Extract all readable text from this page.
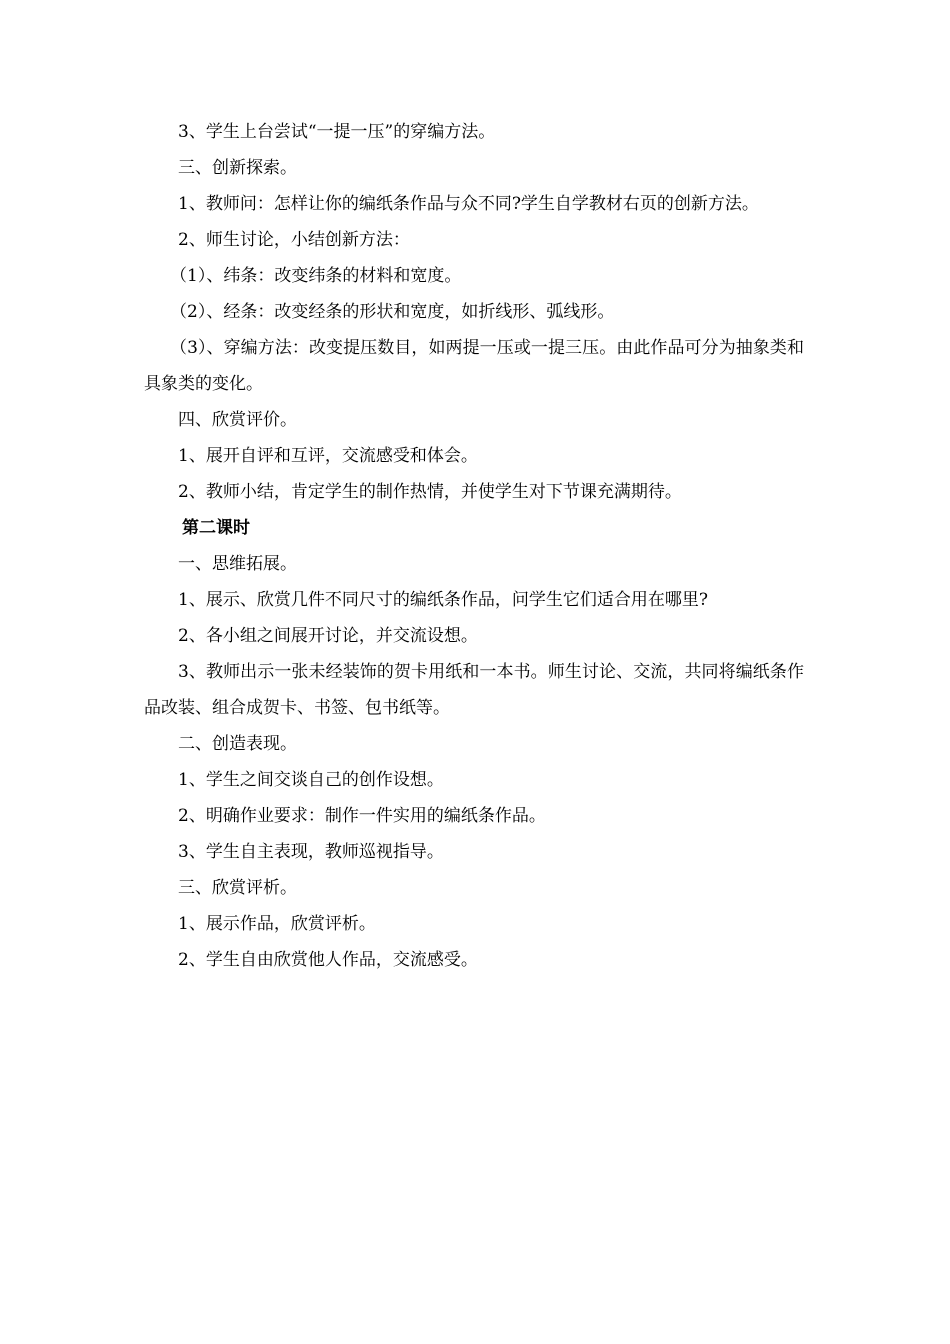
3、学生上台尝试“一提一压”的穿编方法。

三、创新探索。

1、教师问：怎样让你的编纸条作品与众不同?学生自学教材右页的创新方法。

2、师生讨论，小结创新方法：

（1）、纬条：改变纬条的材料和宽度。

（2）、经条：改变经条的形状和宽度，如折线形、弧线形。

（3）、穿编方法：改变提压数目，如两提一压或一提三压。由此作品可分为抽象类和具象类的变化。

四、欣赏评价。

1、展开自评和互评，交流感受和体会。

2、教师小结，肯定学生的制作热情，并使学生对下节课充满期待。

第二课时

一、思维拓展。

1、展示、欣赏几件不同尺寸的编纸条作品，问学生它们适合用在哪里?

2、各小组之间展开讨论，并交流设想。

3、教师出示一张未经装饰的贺卡用纸和一本书。师生讨论、交流，共同将编纸条作品改装、组合成贺卡、书签、包书纸等。

二、创造表现。

1、学生之间交谈自己的创作设想。

2、明确作业要求：制作一件实用的编纸条作品。

3、学生自主表现，教师巡视指导。

三、欣赏评析。

1、展示作品，欣赏评析。

2、学生自由欣赏他人作品，交流感受。
